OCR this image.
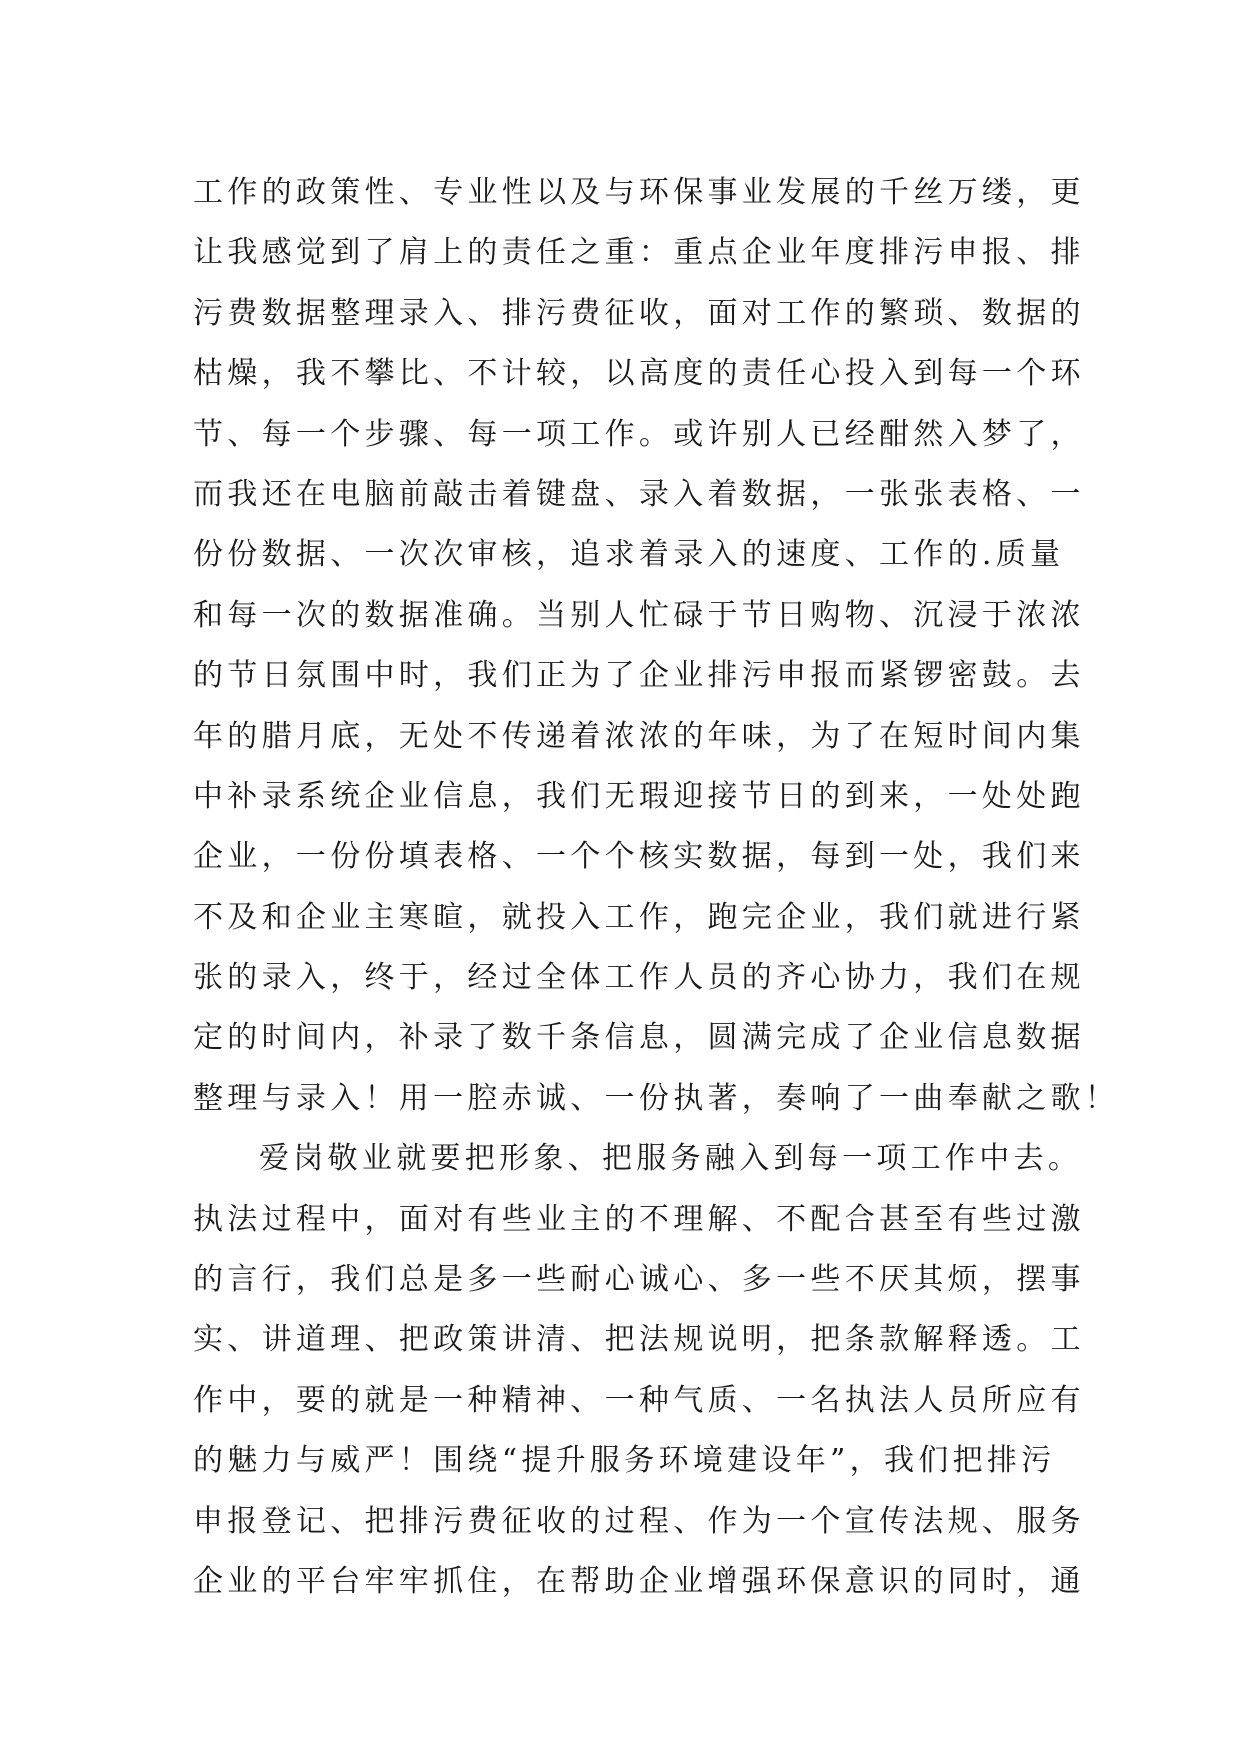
工作的政策性、专业性以及与环保事业发展的千丝万缕，更
让我感觉到了肩上的责任之重：重点企业年度排污申报、排
污费数据整理录入、排污费征收，面对工作的繁琐、数据的
枯燥，我不攀比、不计较，以高度的责任心投入到每一个环
节、每一个步骤、每一项工作。或许别人已经酣然入梦了，
而我还在电脑前敲击着键盘、录入着数据，一张张表格、一
份份数据、一次次审核，追求着录入的速度、工作的.质量
和每一次的数据准确。当别人忙碌于节日购物、沉浸于浓浓
的节日氛围中时，我们正为了企业排污申报而紧锣密鼓。去
年的腊月底，无处不传递着浓浓的年味，为了在短时间内集
中补录系统企业信息，我们无瑕迎接节日的到来，一处处跑
企业，一份份填表格、一个个核实数据，每到一处，我们来
不及和企业主寒暄，就投入工作，跑完企业，我们就进行紧
张的录入，终于，经过全体工作人员的齐心协力，我们在规
定的时间内，补录了数千条信息，圆满完成了企业信息数据
整理与录入！用一腔赤诚、一份执著，奏响了一曲奉献之歌！
爱岗敬业就要把形象、把服务融入到每一项工作中去。
执法过程中，面对有些业主的不理解、不配合甚至有些过激
的言行，我们总是多一些耐心诚心、多一些不厌其烦，摆事
实、讲道理、把政策讲清、把法规说明，把条款解释透。工
作中，要的就是一种精神、一种气质、一名执法人员所应有
的魅力与威严！围绕“提升服务环境建设年”，我们把排污
申报登记、把排污费征收的过程、作为一个宣传法规、服务
企业的平台牢牢抓住，在帮助企业增强环保意识的同时，通
